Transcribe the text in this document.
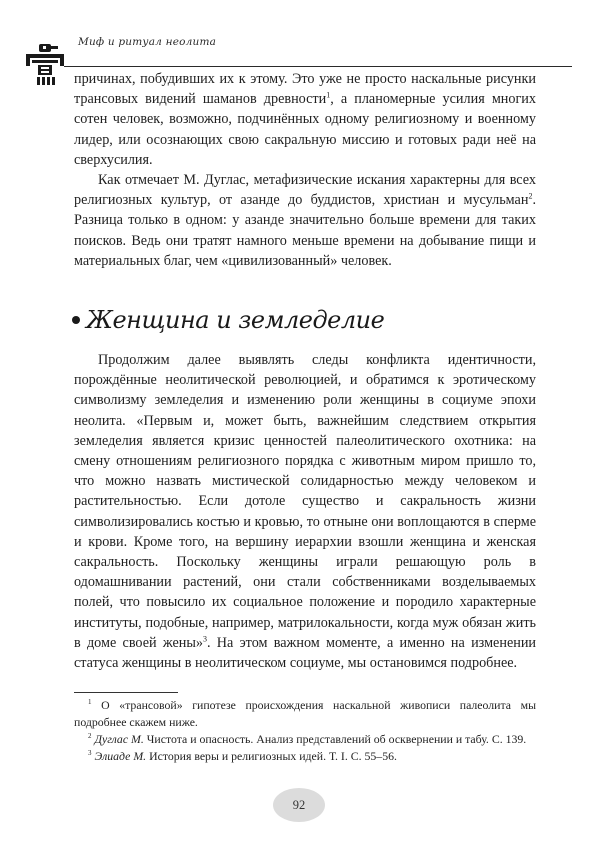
Миф и ритуал неолита

причинах, побудивших их к этому. Это уже не просто наскальные рисунки трансовых видений шаманов древности$^1$, а планомерные усилия многих сотен человек, возможно, подчинённых одному религиозному и военному лидер, или осознающих свою сакральную миссию и готовых ради неё на сверхусилия.

Как отмечает М. Дуглас, метафизические искания характерны для всех религиозных культур, от азанде до буддистов, христиан и мусульман$^2$. Разница только в одном: у азанде значительно больше времени для таких поисков. Ведь они тратят намного меньше времени на добывание пищи и материальных благ, чем «цивилизованный» человек.

Женщина и земледелие

Продолжим далее выявлять следы конфликта идентичности, порождённые неолитической революцией, и обратимся к эротическому символизму земледелия и изменению роли женщины в социуме эпохи неолита. «Первым и, может быть, важнейшим следствием открытия земледелия является кризис ценностей палеолитического охотника: на смену отношениям религиозного порядка с животным миром пришло то, что можно назвать мистической солидарностью между человеком и растительностью. Если дотоле существо и сакральность жизни символизировались костью и кровью, то отныне они воплощаются в сперме и крови. Кроме того, на вершину иерархии взошли женщина и женская сакральность. Поскольку женщины играли решающую роль в одомашнивании растений, они стали собственниками возделываемых полей, что повысило их социальное положение и породило характерные институты, подобные, например, матрилокальности, когда муж обязан жить в доме своей жены»$^3$. На этом важном моменте, а именно на изменении статуса женщины в неолитическом социуме, мы остановимся подробнее.

$^1$ О «трансовой» гипотезе происхождения наскальной живописи палеолита мы подробнее скажем ниже.

$^2$ Дуглас М. Чистота и опасность. Анализ представлений об осквернении и табу. С. 139.

$^3$ Элиаде М. История веры и религиозных идей. Т. I. С. 55–56.

92
